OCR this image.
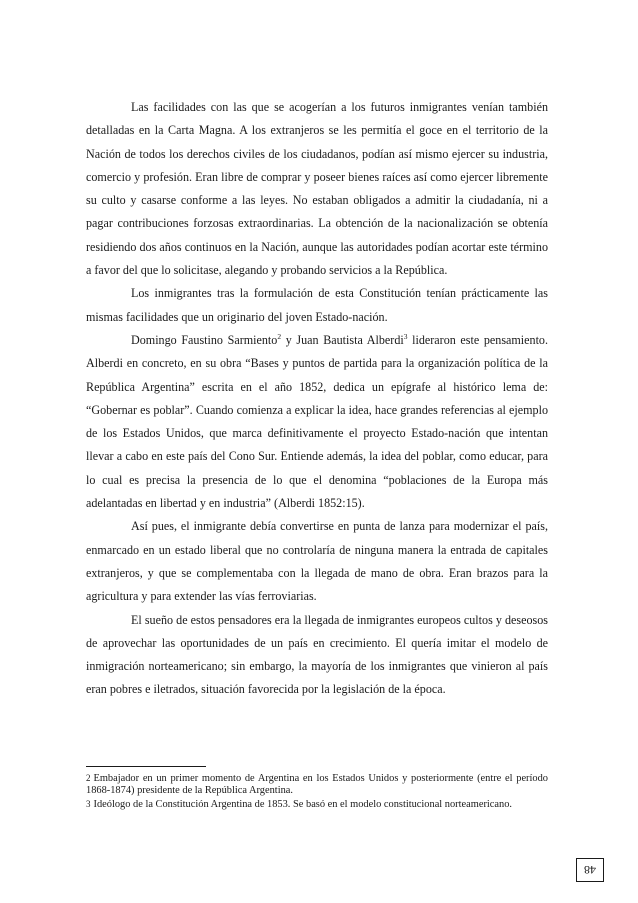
Las facilidades con las que se acogerían a los futuros inmigrantes venían también detalladas en la Carta Magna. A los extranjeros se les permitía el goce en el territorio de la Nación de todos los derechos civiles de los ciudadanos, podían así mismo ejercer su industria, comercio y profesión. Eran libre de comprar y poseer bienes raíces así como ejercer libremente su culto y casarse conforme a las leyes. No estaban obligados a admitir la ciudadanía, ni a pagar contribuciones forzosas extraordinarias. La obtención de la nacionalización se obtenía residiendo dos años continuos en la Nación, aunque las autoridades podían acortar este término a favor del que lo solicitase, alegando y probando servicios a la República.

Los inmigrantes tras la formulación de esta Constitución tenían prácticamente las mismas facilidades que un originario del joven Estado-nación.

Domingo Faustino Sarmiento$^2$ y Juan Bautista Alberdi$^3$ lideraron este pensamiento. Alberdi en concreto, en su obra “Bases y puntos de partida para la organización política de la República Argentina” escrita en el año 1852, dedica un epígrafe al histórico lema de: “Gobernar es poblar”. Cuando comienza a explicar la idea, hace grandes referencias al ejemplo de los Estados Unidos, que marca definitivamente el proyecto Estado-nación que intentan llevar a cabo en este país del Cono Sur. Entiende además, la idea del poblar, como educar, para lo cual es precisa la presencia de lo que el denomina “poblaciones de la Europa más adelantadas en libertad y en industria” (Alberdi 1852:15).

Así pues, el inmigrante debía convertirse en punta de lanza para modernizar el país, enmarcado en un estado liberal que no controlaría de ninguna manera la entrada de capitales extranjeros, y que se complementaba con la llegada de mano de obra. Eran brazos para la agricultura y para extender las vías ferroviarias.

El sueño de estos pensadores era la llegada de inmigrantes europeos cultos y deseosos de aprovechar las oportunidades de un país en crecimiento. El quería imitar el modelo de inmigración norteamericano; sin embargo, la mayoría de los inmigrantes que vinieron al país eran pobres e iletrados, situación favorecida por la legislación de la época.

2 Embajador en un primer momento de Argentina en los Estados Unidos y posteriormente (entre el período 1868-1874) presidente de la República Argentina.

3 Ideólogo de la Constitución Argentina de 1853. Se basó en el modelo constitucional norteamericano.

48
